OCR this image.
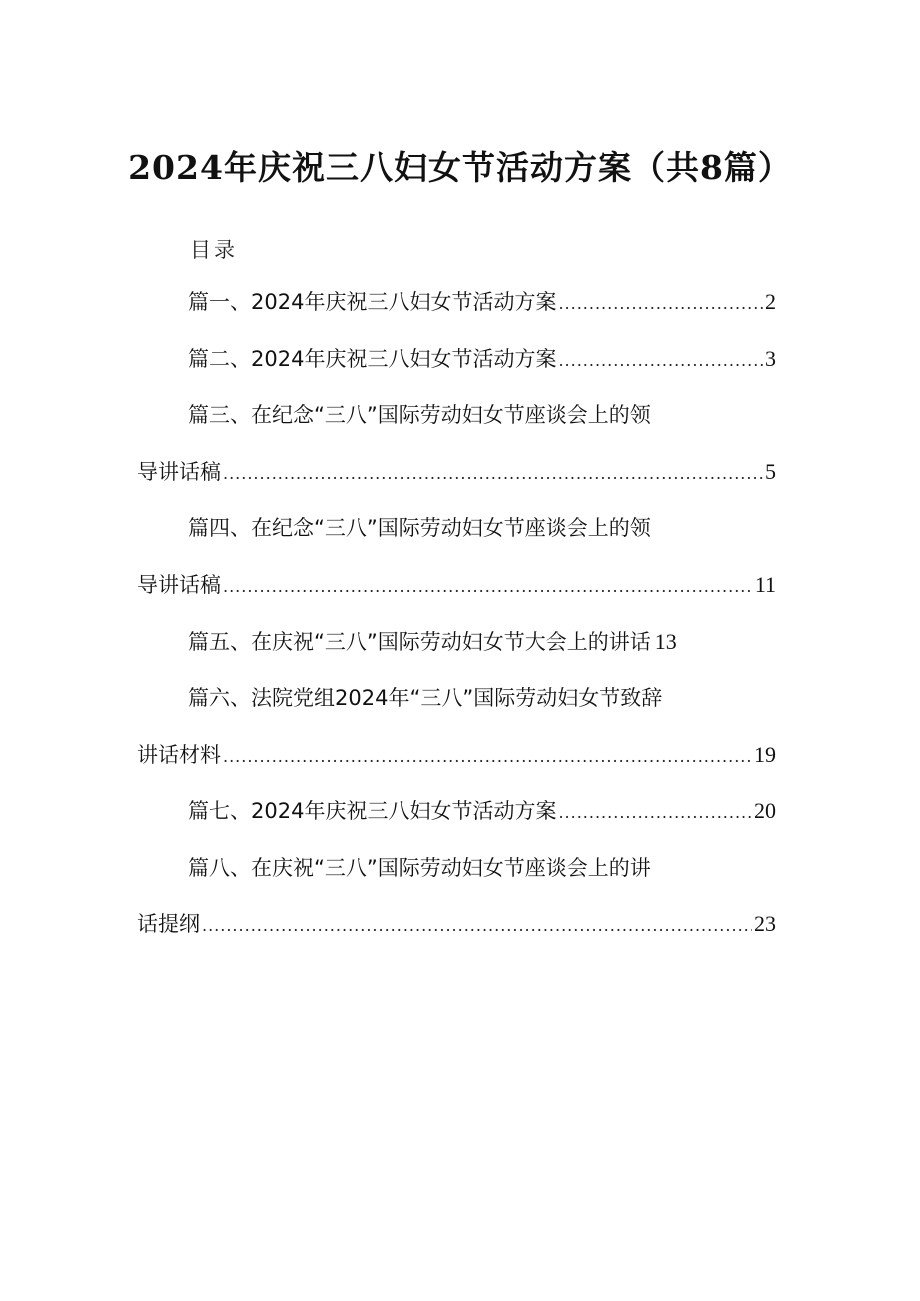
2024年庆祝三八妇女节活动方案（共8篇）
目录
篇一、2024年庆祝三八妇女节活动方案 .....	2
篇二、2024年庆祝三八妇女节活动方案 .....	3
篇三、在纪念“三八”国际劳动妇女节座谈会上的领
导讲话稿 .....	5
篇四、在纪念“三八”国际劳动妇女节座谈会上的领
导讲话稿 .....	11
篇五、在庆祝“三八”国际劳动妇女节大会上的讲话 13
篇六、法院党组2024年“三八”国际劳动妇女节致辞
讲话材料 .....	19
篇七、2024年庆祝三八妇女节活动方案 .....	20
篇八、在庆祝“三八”国际劳动妇女节座谈会上的讲
话提纲 .....	23
